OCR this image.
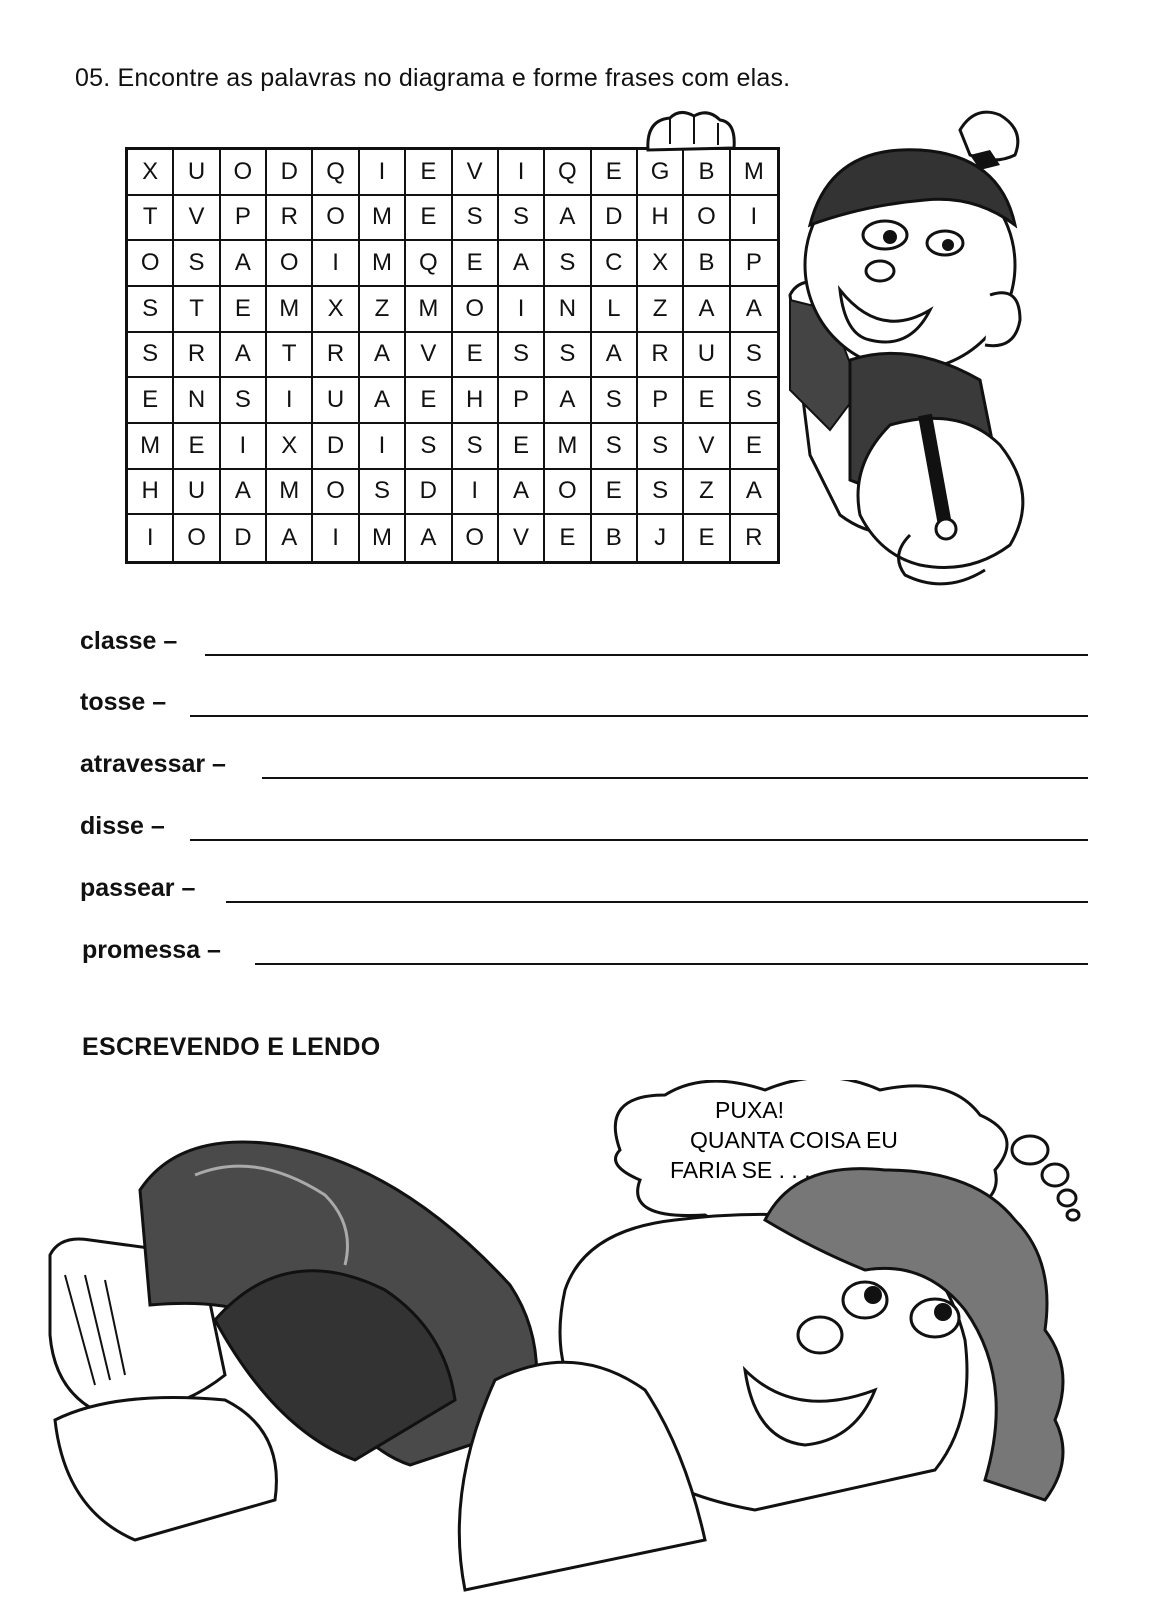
05. Encontre as palavras no diagrama e forme frases com elas.
X	U	O	D	Q	I	E	V	I	Q	E	G	B	M
T	V	P	R	O	M	E	S	S	A	D	H	O	I
O	S	A	O	I	M	Q	E	A	S	C	X	B	P
S	T	E	M	X	Z	M	O	I	N	L	Z	A	A
S	R	A	T	R	A	V	E	S	S	A	R	U	S
E	N	S	I	U	A	E	H	P	A	S	P	E	S
M	E	I	X	D	I	S	S	E	M	S	S	V	E
H	U	A	M	O	S	D	I	A	O	E	S	Z	A
I	O	D	A	I	M	A	O	V	E	B	J	E	R
classe –
tosse –
atravessar –
disse –
passear –
promessa –
ESCREVENDO E LENDO
PUXA!
QUANTA COISA EU
FARIA SE . . .
